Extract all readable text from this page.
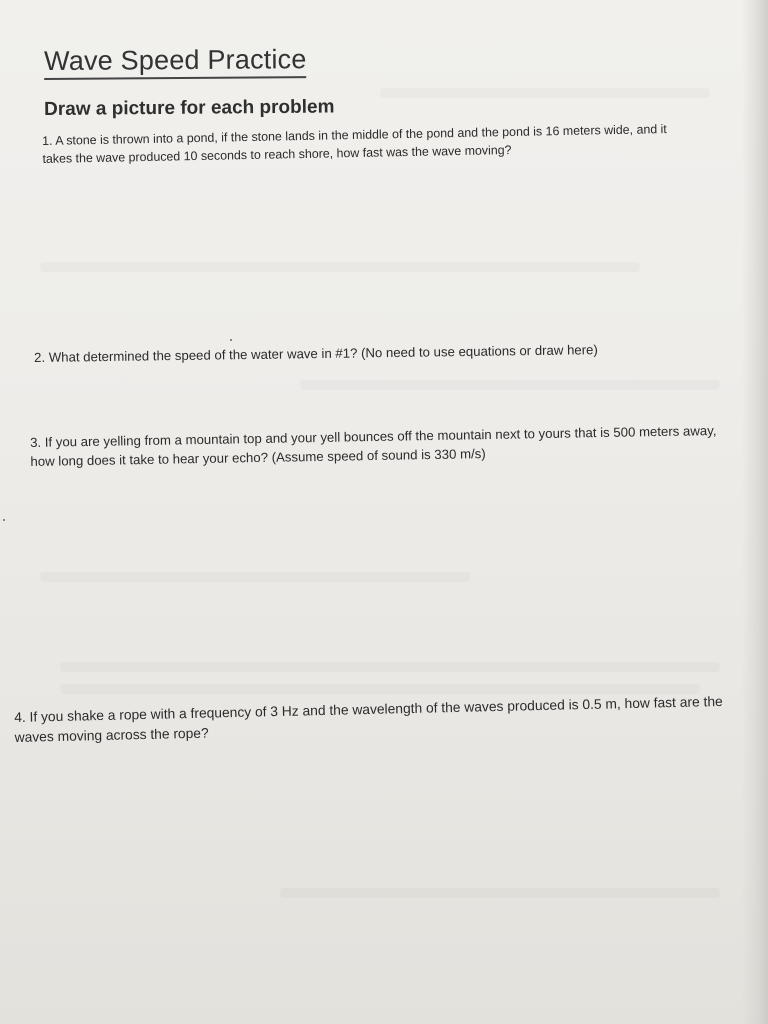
Wave Speed Practice
Draw a picture for each problem
1. A stone is thrown into a pond, if the stone lands in the middle of the pond and the pond is 16 meters wide, and it takes the wave produced 10 seconds to reach shore, how fast was the wave moving?
2. What determined the speed of the water wave in #1? (No need to use equations or draw here)
3. If you are yelling from a mountain top and your yell bounces off the mountain next to yours that is 500 meters away, how long does it take to hear your echo? (Assume speed of sound is 330 m/s)
4. If you shake a rope with a frequency of 3 Hz and the wavelength of the waves produced is 0.5 m, how fast are the waves moving across the rope?
